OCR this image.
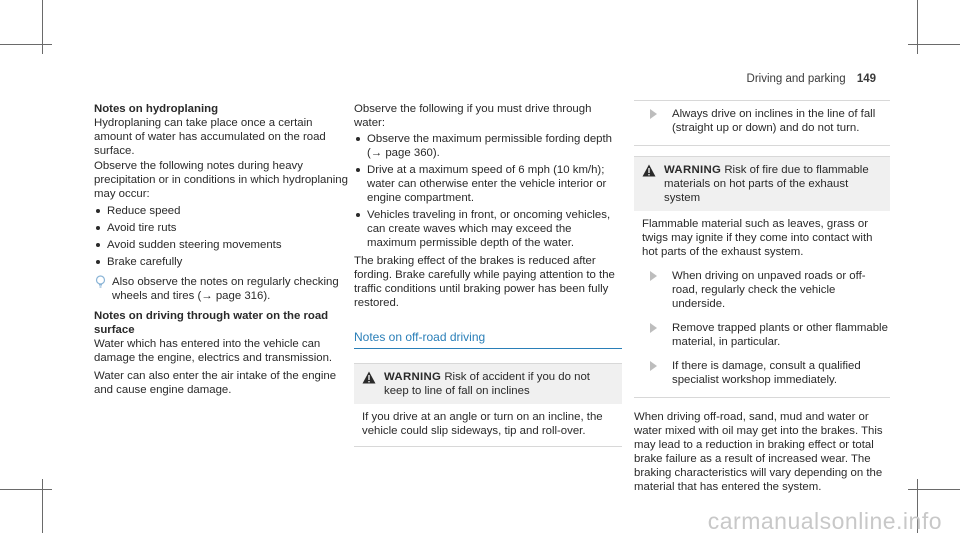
Driving and parking 149

Notes on hydroplaning

Hydroplaning can take place once a certain amount of water has accumulated on the road surface.

Observe the following notes during heavy precipitation or in conditions in which hydroplaning may occur:

Reduce speed
Avoid tire ruts
Avoid sudden steering movements
Brake carefully
Also observe the notes on regularly checking wheels and tires (→ page 316).

Notes on driving through water on the road surface

Water which has entered into the vehicle can damage the engine, electrics and transmission.

Water can also enter the air intake of the engine and cause engine damage.

Observe the following if you must drive through water:

Observe the maximum permissible fording depth (→ page 360).
Drive at a maximum speed of 6 mph (10 km/h); water can otherwise enter the vehicle interior or engine compartment.
Vehicles traveling in front, or oncoming vehicles, can create waves which may exceed the maximum permissible depth of the water.

The braking effect of the brakes is reduced after fording. Brake carefully while paying attention to the traffic conditions until braking power has been fully restored.

Notes on off-road driving
WARNING Risk of accident if you do not keep to line of fall on inclines
If you drive at an angle or turn on an incline, the vehicle could slip sideways, tip and roll-over.
Always drive on inclines in the line of fall (straight up or down) and do not turn.
WARNING Risk of fire due to flammable materials on hot parts of the exhaust system
Flammable material such as leaves, grass or twigs may ignite if they come into contact with hot parts of the exhaust system.
When driving on unpaved roads or off-road, regularly check the vehicle underside.
Remove trapped plants or other flammable material, in particular.
If there is damage, consult a qualified specialist workshop immediately.

When driving off-road, sand, mud and water or water mixed with oil may get into the brakes. This may lead to a reduction in braking effect or total brake failure as a result of increased wear. The braking characteristics will vary depending on the material that has entered the system.

carmanualsonline.info
